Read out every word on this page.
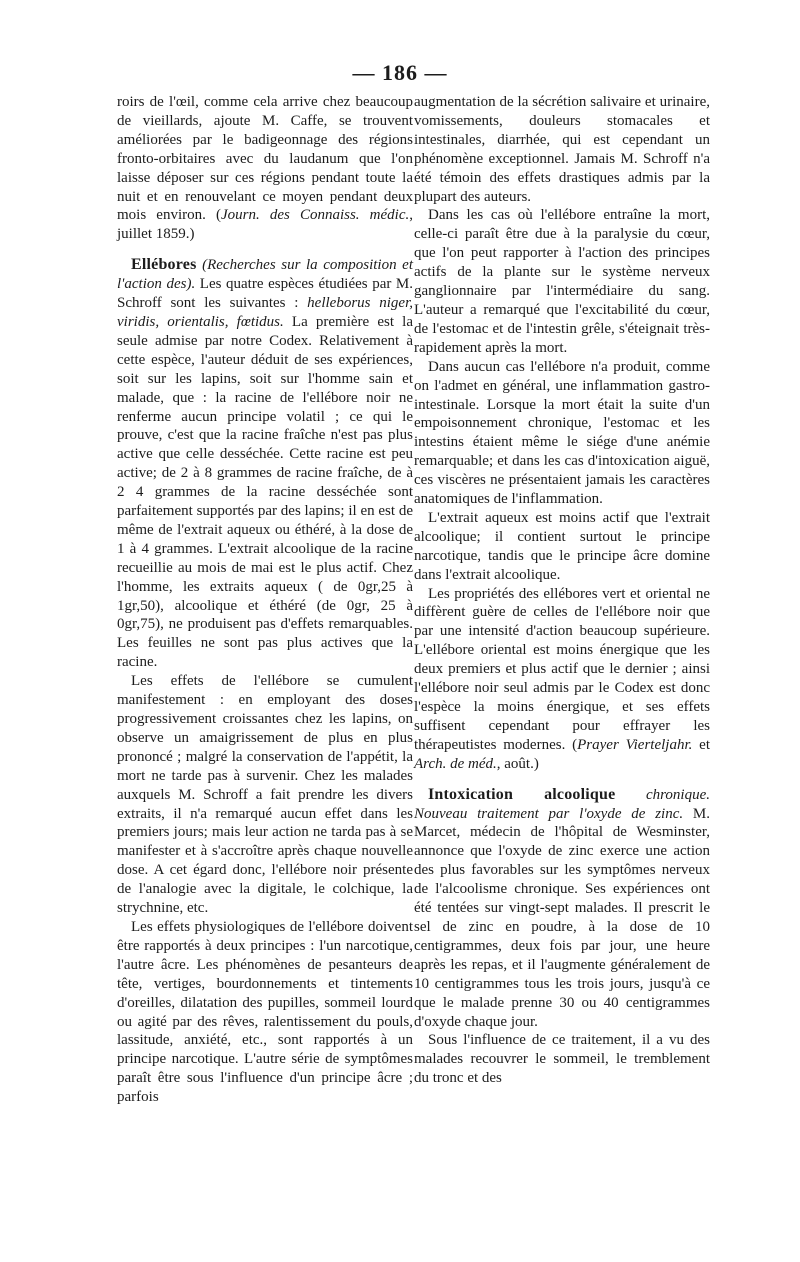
— 186 —

roirs de l'œil, comme cela arrive chez beaucoup de vieillards, ajoute M. Caffe, se trouvent améliorées par le badigeonnage des régions fronto-orbitaires avec du laudanum que l'on laisse déposer sur ces régions pendant toute la nuit et en renouvelant ce moyen pendant deux mois environ. (Journ. des Connaiss. médic., juillet 1859.)

Ellébores (Recherches sur la composition et l'action des). Les quatre espèces étudiées par M. Schroff sont les suivantes : helleborus niger, viridis, orientalis, fœtidus. La première est la seule admise par notre Codex. Relativement à cette espèce, l'auteur déduit de ses expériences, soit sur les lapins, soit sur l'homme sain et malade, que : la racine de l'ellébore noir ne renferme aucun principe volatil ; ce qui le prouve, c'est que la racine fraîche n'est pas plus active que celle desséchée. Cette racine est peu active; de 2 à 8 grammes de racine fraîche, de à 2 4 grammes de la racine desséchée sont parfaitement supportés par des lapins; il en est de même de l'extrait aqueux ou éthéré, à la dose de 1 à 4 grammes. L'extrait alcoolique de la racine recueillie au mois de mai est le plus actif. Chez l'homme, les extraits aqueux ( de 0gr,25 à 1gr,50), alcoolique et éthéré (de 0gr, 25 à 0gr,75), ne produisent pas d'effets remarquables. Les feuilles ne sont pas plus actives que la racine.

Les effets de l'ellébore se cumulent manifestement : en employant des doses progressivement croissantes chez les lapins, on observe un amaigrissement de plus en plus prononcé ; malgré la conservation de l'appétit, la mort ne tarde pas à survenir. Chez les malades auxquels M. Schroff a fait prendre les divers extraits, il n'a remarqué aucun effet dans les premiers jours; mais leur action ne tarda pas à se manifester et à s'accroître après chaque nouvelle dose. A cet égard donc, l'ellébore noir présente de l'analogie avec la digitale, le colchique, la strychnine, etc.

Les effets physiologiques de l'ellébore doivent être rapportés à deux principes : l'un narcotique, l'autre âcre. Les phénomènes de pesanteurs de tête, vertiges, bourdonnements et tintements d'oreilles, dilatation des pupilles, sommeil lourd ou agité par des rêves, ralentissement du pouls, lassitude, anxiété, etc., sont rapportés à un principe narcotique. L'autre série de symptômes paraît être sous l'influence d'un principe âcre ; parfois

augmentation de la sécrétion salivaire et urinaire, vomissements, douleurs stomacales et intestinales, diarrhée, qui est cependant un phénomène exceptionnel. Jamais M. Schroff n'a été témoin des effets drastiques admis par la plupart des auteurs.

Dans les cas où l'ellébore entraîne la mort, celle-ci paraît être due à la paralysie du cœur, que l'on peut rapporter à l'action des principes actifs de la plante sur le système nerveux ganglionnaire par l'intermédiaire du sang. L'auteur a remarqué que l'excitabilité du cœur, de l'estomac et de l'intestin grêle, s'éteignait très-rapidement après la mort.

Dans aucun cas l'ellébore n'a produit, comme on l'admet en général, une inflammation gastro-intestinale. Lorsque la mort était la suite d'un empoisonnement chronique, l'estomac et les intestins étaient même le siége d'une anémie remarquable; et dans les cas d'intoxication aiguë, ces viscères ne présentaient jamais les caractères anatomiques de l'inflammation.

L'extrait aqueux est moins actif que l'extrait alcoolique; il contient surtout le principe narcotique, tandis que le principe âcre domine dans l'extrait alcoolique.

Les propriétés des ellébores vert et oriental ne diffèrent guère de celles de l'ellébore noir que par une intensité d'action beaucoup supérieure. L'ellébore oriental est moins énergique que les deux premiers et plus actif que le dernier ; ainsi l'ellébore noir seul admis par le Codex est donc l'espèce la moins énergique, et ses effets suffisent cependant pour effrayer les thérapeutistes modernes. (Prayer Vierteljahr. et Arch. de méd., août.)

Intoxication alcoolique chronique. Nouveau traitement par l'oxyde de zinc. M. Marcet, médecin de l'hôpital de Wesminster, annonce que l'oxyde de zinc exerce une action des plus favorables sur les symptômes nerveux de l'alcoolisme chronique. Ses expériences ont été tentées sur vingt-sept malades. Il prescrit le sel de zinc en poudre, à la dose de 10 centigrammes, deux fois par jour, une heure après les repas, et il l'augmente généralement de 10 centigrammes tous les trois jours, jusqu'à ce que le malade prenne 30 ou 40 centigrammes d'oxyde chaque jour.

Sous l'influence de ce traitement, il a vu des malades recouvrer le sommeil, le tremblement du tronc et des
